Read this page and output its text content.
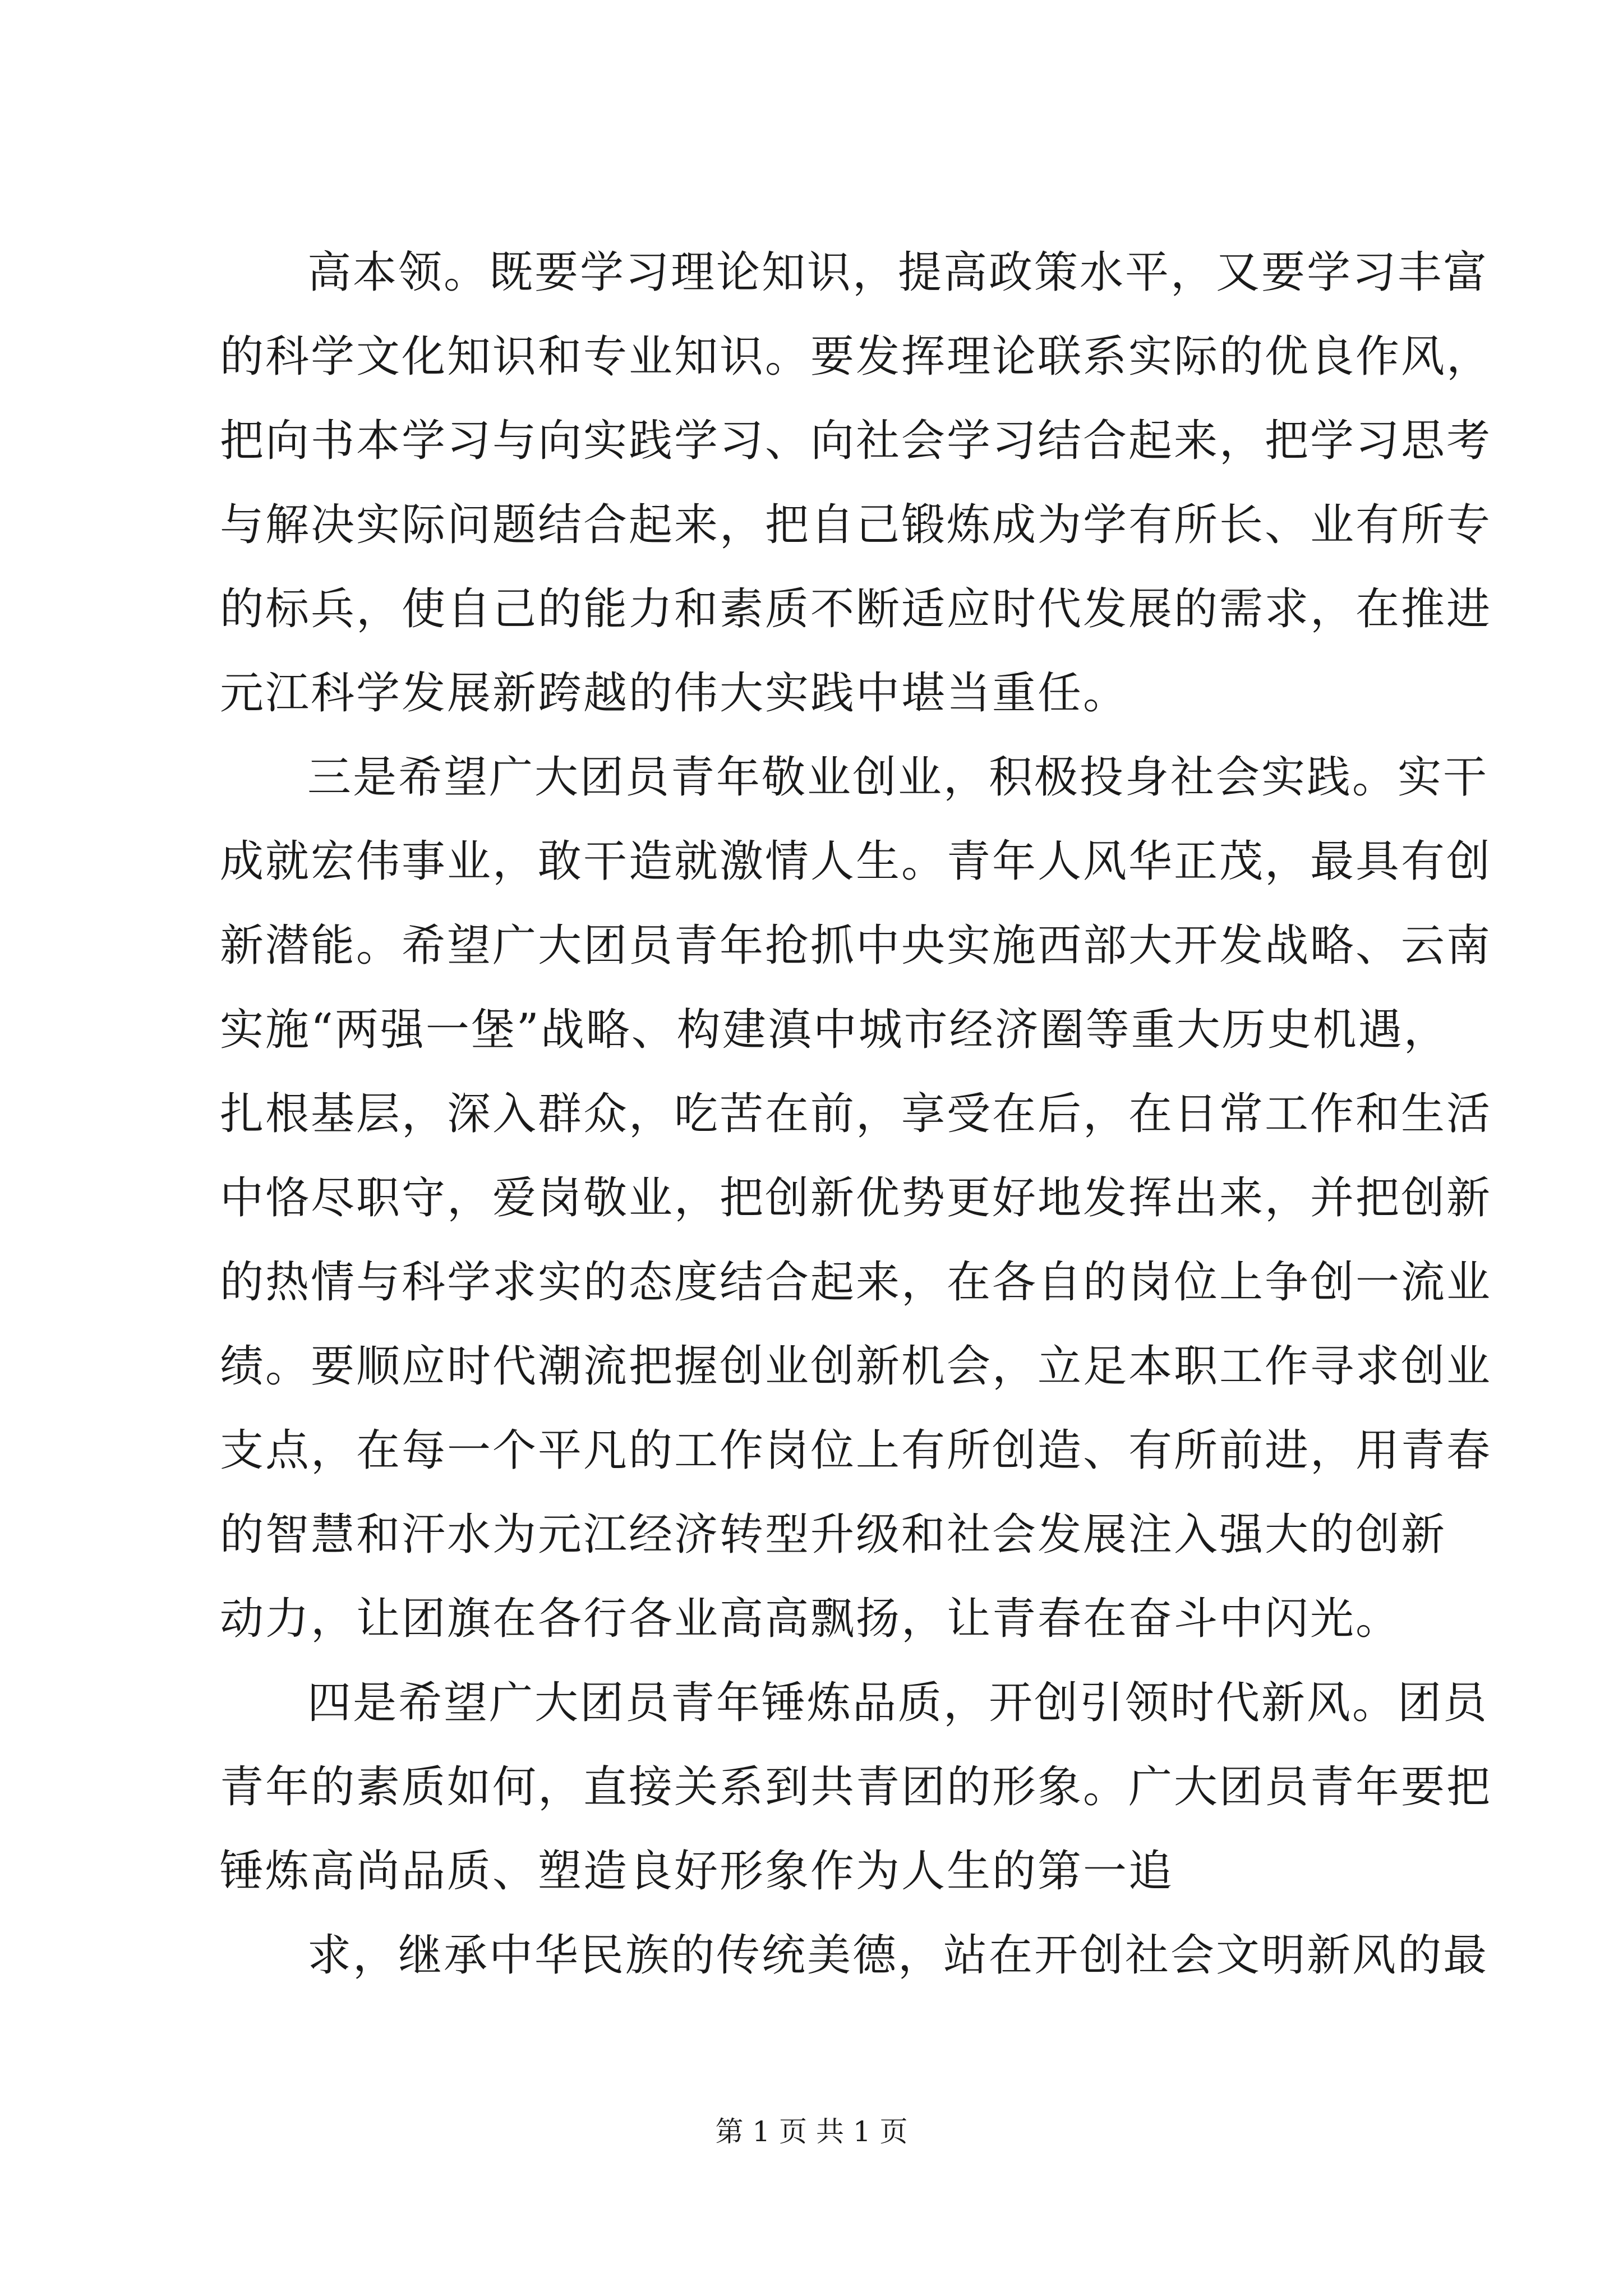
高本领。既要学习理论知识，提高政策水平，又要学习丰富
的科学文化知识和专业知识。要发挥理论联系实际的优良作风，
把向书本学习与向实践学习、向社会学习结合起来，把学习思考
与解决实际问题结合起来，把自己锻炼成为学有所长、业有所专
的标兵，使自己的能力和素质不断适应时代发展的需求，在推进
元江科学发展新跨越的伟大实践中堪当重任。
三是希望广大团员青年敬业创业，积极投身社会实践。实干
成就宏伟事业，敢干造就激情人生。青年人风华正茂，最具有创
新潜能。希望广大团员青年抢抓中央实施西部大开发战略、云南
实施“两强一堡”战略、构建滇中城市经济圈等重大历史机遇，
扎根基层，深入群众，吃苦在前，享受在后，在日常工作和生活
中恪尽职守，爱岗敬业，把创新优势更好地发挥出来，并把创新
的热情与科学求实的态度结合起来，在各自的岗位上争创一流业
绩。要顺应时代潮流把握创业创新机会，立足本职工作寻求创业
支点，在每一个平凡的工作岗位上有所创造、有所前进，用青春
的智慧和汗水为元江经济转型升级和社会发展注入强大的创新
动力，让团旗在各行各业高高飘扬，让青春在奋斗中闪光。
四是希望广大团员青年锤炼品质，开创引领时代新风。团员
青年的素质如何，直接关系到共青团的形象。广大团员青年要把
锤炼高尚品质、塑造良好形象作为人生的第一追
求，继承中华民族的传统美德，站在开创社会文明新风的最
第 1 页 共 1 页
